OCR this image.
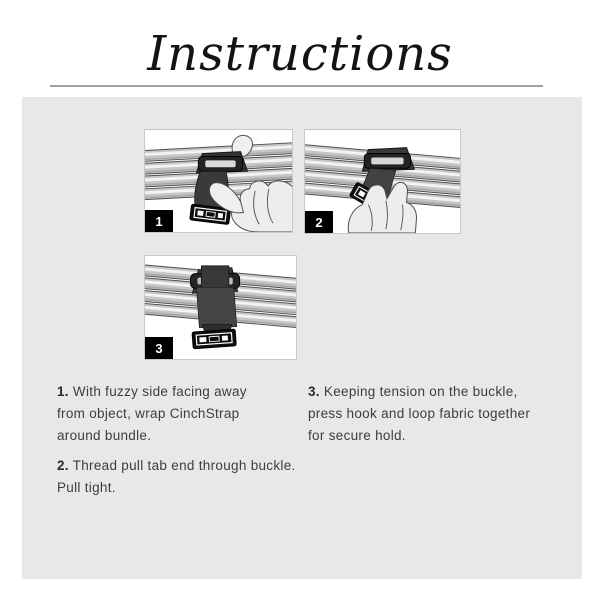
Instructions
1	2
3

1. With fuzzy side facing away
from object, wrap CinchStrap
around bundle.

2. Thread pull tab end through buckle.
Pull tight.

3. Keeping tension on the buckle,
press hook and loop fabric together
for secure hold.
